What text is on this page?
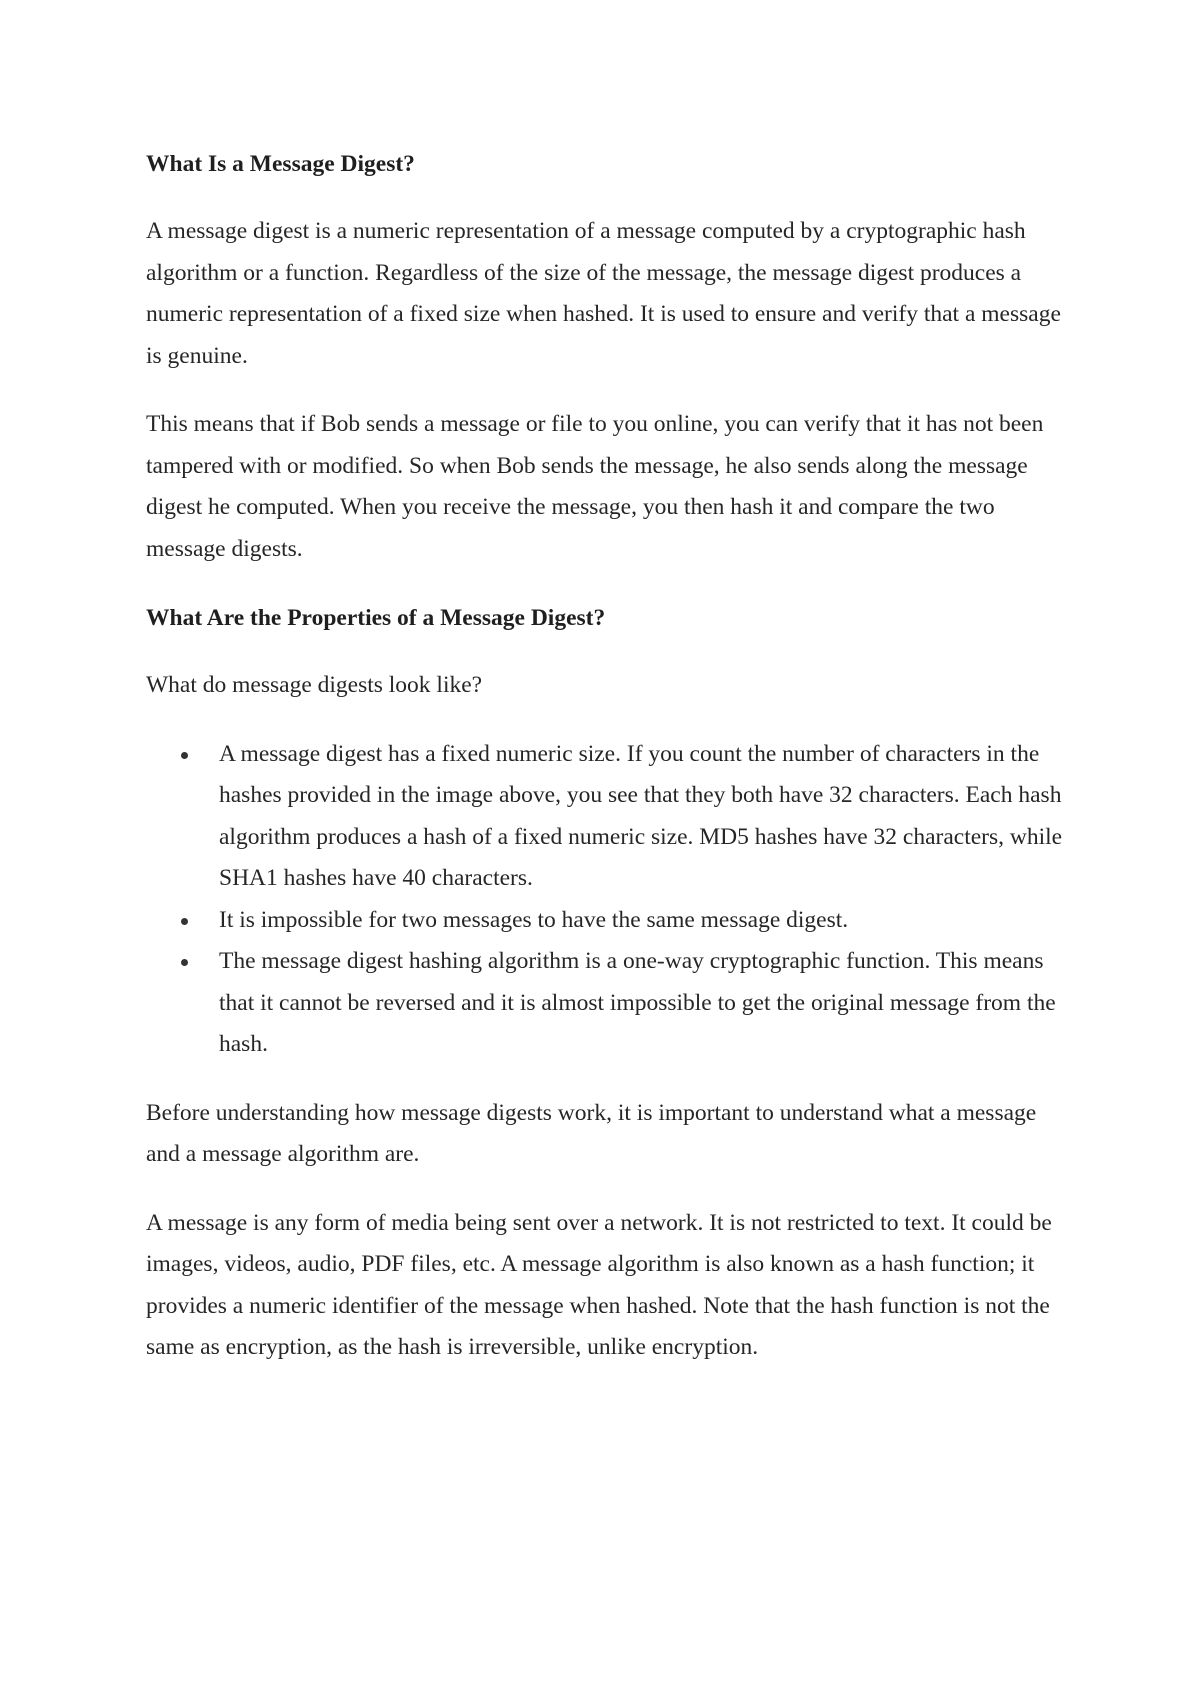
What Is a Message Digest?

A message digest is a numeric representation of a message computed by a cryptographic hash algorithm or a function. Regardless of the size of the message, the message digest produces a numeric representation of a fixed size when hashed. It is used to ensure and verify that a message is genuine.

This means that if Bob sends a message or file to you online, you can verify that it has not been tampered with or modified. So when Bob sends the message, he also sends along the message digest he computed. When you receive the message, you then hash it and compare the two message digests.

What Are the Properties of a Message Digest?

What do message digests look like?

A message digest has a fixed numeric size. If you count the number of characters in the hashes provided in the image above, you see that they both have 32 characters. Each hash algorithm produces a hash of a fixed numeric size. MD5 hashes have 32 characters, while SHA1 hashes have 40 characters.
It is impossible for two messages to have the same message digest.
The message digest hashing algorithm is a one-way cryptographic function. This means that it cannot be reversed and it is almost impossible to get the original message from the hash.

Before understanding how message digests work, it is important to understand what a message and a message algorithm are.

A message is any form of media being sent over a network. It is not restricted to text. It could be images, videos, audio, PDF files, etc. A message algorithm is also known as a hash function; it provides a numeric identifier of the message when hashed. Note that the hash function is not the same as encryption, as the hash is irreversible, unlike encryption.
